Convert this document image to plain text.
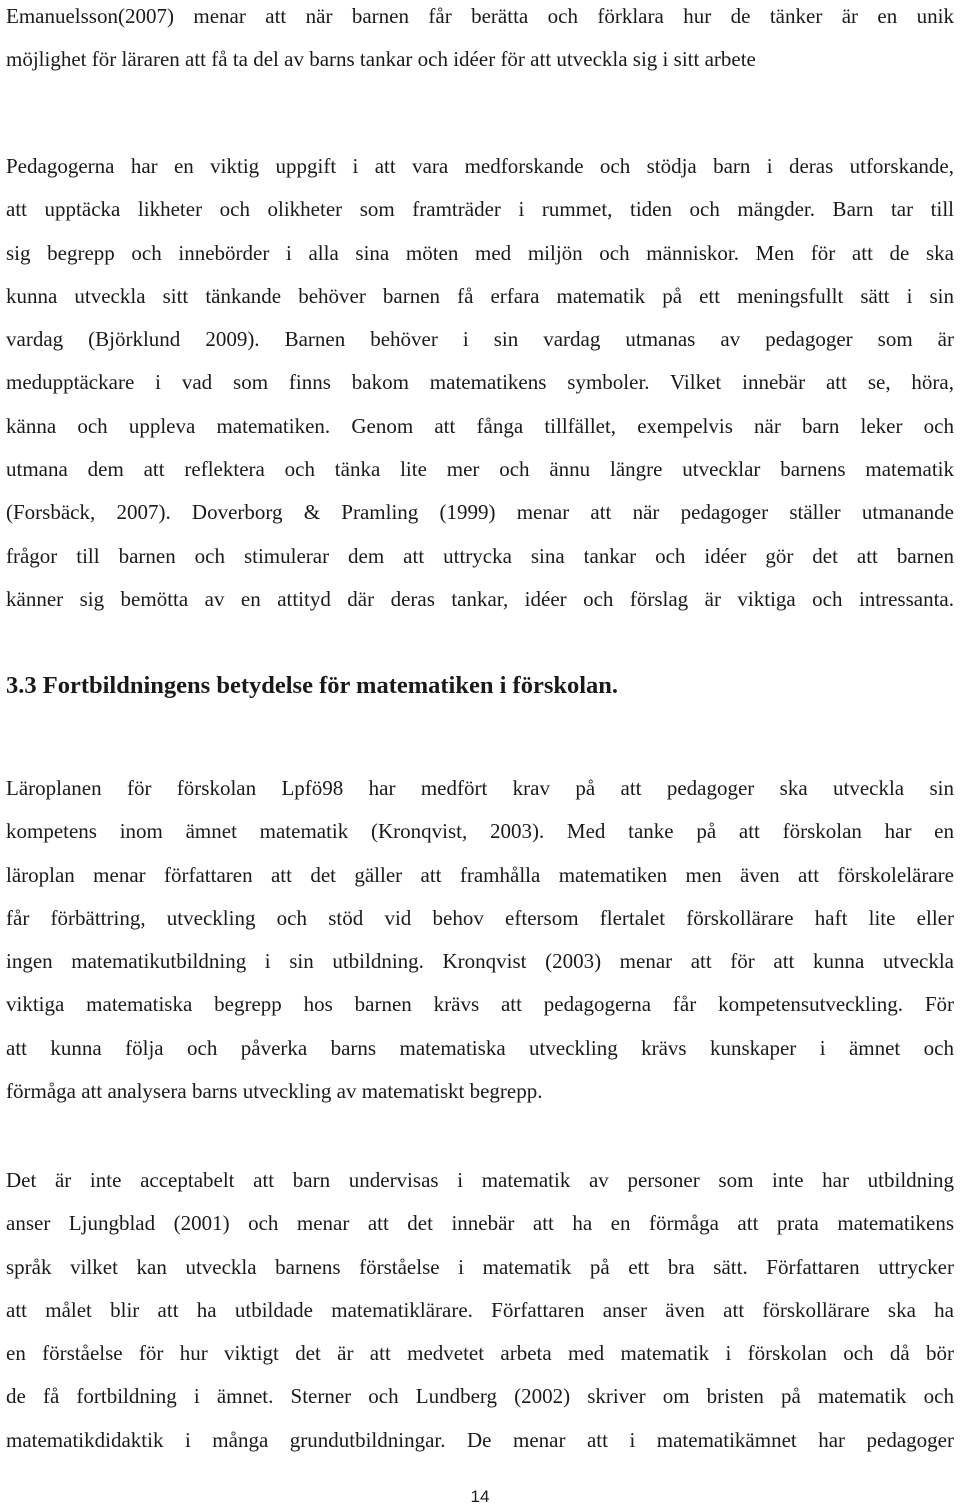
Emanuelsson(2007) menar att när barnen får berätta och förklara hur de tänker är en unik
möjlighet för läraren att få ta del av barns tankar och idéer för att utveckla sig i sitt arbete
Pedagogerna har en viktig uppgift i att vara medforskande och stödja barn i deras utforskande,
att upptäcka likheter och olikheter som framträder i rummet, tiden och mängder. Barn tar till
sig begrepp och innebörder i alla sina möten med miljön och människor. Men för att de ska
kunna utveckla sitt tänkande behöver barnen få erfara matematik på ett meningsfullt sätt i sin
vardag (Björklund 2009). Barnen behöver i sin vardag utmanas av pedagoger som är
medupptäckare i vad som finns bakom matematikens symboler. Vilket innebär att se, höra,
känna och uppleva matematiken. Genom att fånga tillfället, exempelvis när barn leker och
utmana dem att reflektera och tänka lite mer och ännu längre utvecklar barnens matematik
(Forsbäck, 2007). Doverborg & Pramling (1999) menar att när pedagoger ställer utmanande
frågor till barnen och stimulerar dem att uttrycka sina tankar och idéer gör det att barnen
känner sig bemötta av en attityd där deras tankar, idéer och förslag är viktiga och intressanta.
3.3 Fortbildningens betydelse för matematiken i förskolan.
Läroplanen för förskolan Lpfö98 har medfört krav på att pedagoger ska utveckla sin
kompetens inom ämnet matematik (Kronqvist, 2003). Med tanke på att förskolan har en
läroplan menar författaren att det gäller att framhålla matematiken men även att förskolelärare
får förbättring, utveckling och stöd vid behov eftersom flertalet förskollärare haft lite eller
ingen matematikutbildning i sin utbildning. Kronqvist (2003) menar att för att kunna utveckla
viktiga matematiska begrepp hos barnen krävs att pedagogerna får kompetensutveckling. För
att kunna följa och påverka barns matematiska utveckling krävs kunskaper i ämnet och
förmåga att analysera barns utveckling av matematiskt begrepp.
Det är inte acceptabelt att barn undervisas i matematik av personer som inte har utbildning
anser Ljungblad (2001) och menar att det innebär att ha en förmåga att prata matematikens
språk vilket kan utveckla barnens förståelse i matematik på ett bra sätt. Författaren uttrycker
att målet blir att ha utbildade matematiklärare. Författaren anser även att förskollärare ska ha
en förståelse för hur viktigt det är att medvetet arbeta med matematik i förskolan och då bör
de få fortbildning i ämnet. Sterner och Lundberg (2002) skriver om bristen på matematik och
matematikdidaktik i många grundutbildningar. De menar att i matematikämnet har pedagoger
14
